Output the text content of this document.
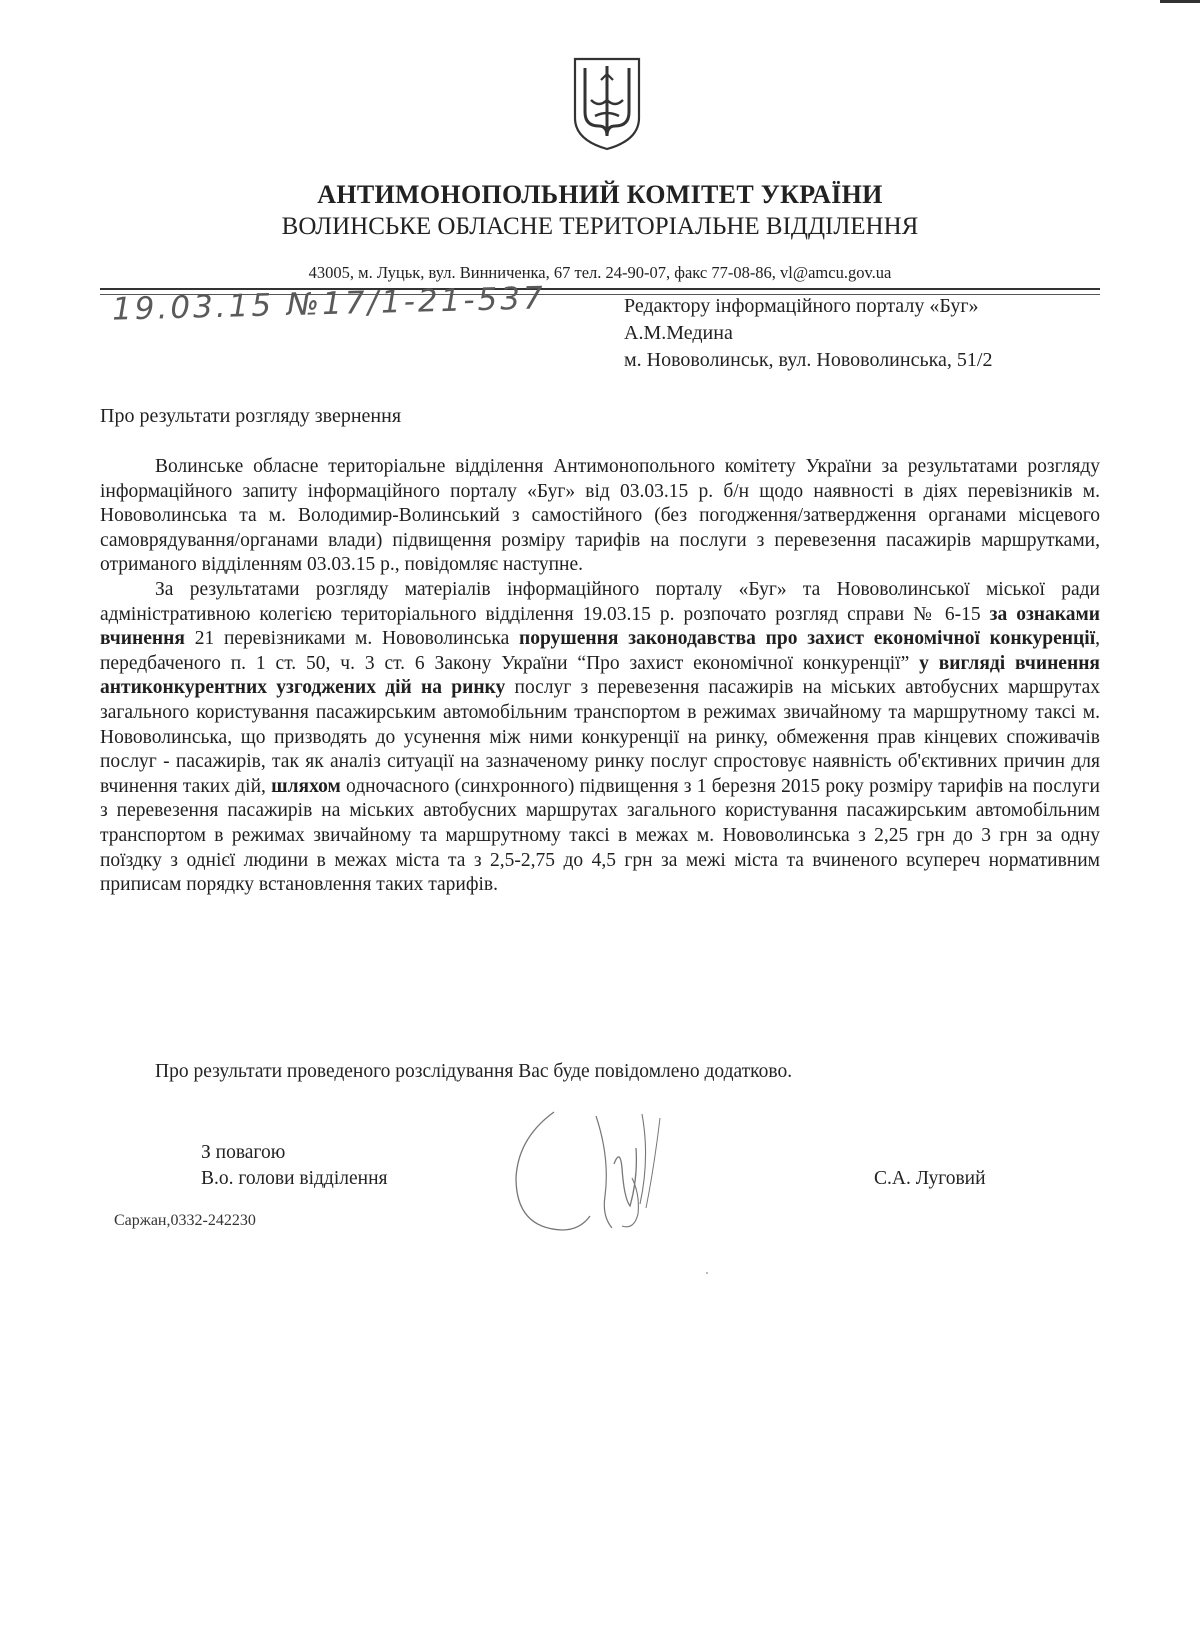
АНТИМОНОПОЛЬНИЙ КОМІТЕТ УКРАЇНИ
ВОЛИНСЬКЕ ОБЛАСНЕ ТЕРИТОРІАЛЬНЕ ВІДДІЛЕННЯ
43005, м. Луцьк, вул. Винниченка, 67 тел. 24-90-07, факс 77-08-86, vl@amcu.gov.ua
19.03.15 №17/1-21-537	Редактору інформаційного порталу «Буг»
А.М.Медина
м. Нововолинськ, вул. Нововолинська, 51/2
Про результати розгляду звернення

Волинське обласне територіальне відділення Антимонопольного комітету України за результатами розгляду інформаційного запиту інформаційного порталу «Буг» від 03.03.15 р. б/н щодо наявності в діях перевізників м. Нововолинська та м. Володимир-Волинський з самостійного (без погодження/затвердження органами місцевого самоврядування/органами влади) підвищення розміру тарифів на послуги з перевезення пасажирів маршрутками, отриманого відділенням 03.03.15 р., повідомляє наступне.

За результатами розгляду матеріалів інформаційного порталу «Буг» та Нововолинської міської ради адміністративною колегією територіального відділення 19.03.15 р. розпочато розгляд справи № 6-15 за ознаками вчинення 21 перевізниками м. Нововолинська порушення законодавства про захист економічної конкуренції, передбаченого п. 1 ст. 50, ч. 3 ст. 6 Закону України “Про захист економічної конкуренції” у вигляді вчинення антиконкурентних узгоджених дій на ринку послуг з перевезення пасажирів на міських автобусних маршрутах загального користування пасажирським автомобільним транспортом в режимах звичайному та маршрутному таксі м. Нововолинська, що призводять до усунення між ними конкуренції на ринку, обмеження прав кінцевих споживачів послуг - пасажирів, так як аналіз ситуації на зазначеному ринку послуг спростовує наявність об'єктивних причин для вчинення таких дій, шляхом одночасного (синхронного) підвищення з 1 березня 2015 року розміру тарифів на послуги з перевезення пасажирів на міських автобусних маршрутах загального користування пасажирським автомобільним транспортом в режимах звичайному та маршрутному таксі в межах м. Нововолинська з 2,25 грн до 3 грн за одну поїздку з однієї людини в межах міста та з 2,5-2,75 до 4,5 грн за межі міста та вчиненого всупереч нормативним приписам порядку встановлення таких тарифів.

Про результати проведеного розслідування Вас буде повідомлено додатково.
З повагою
В.о. голови відділення	С.А. Луговий
Саржан,0332-242230
